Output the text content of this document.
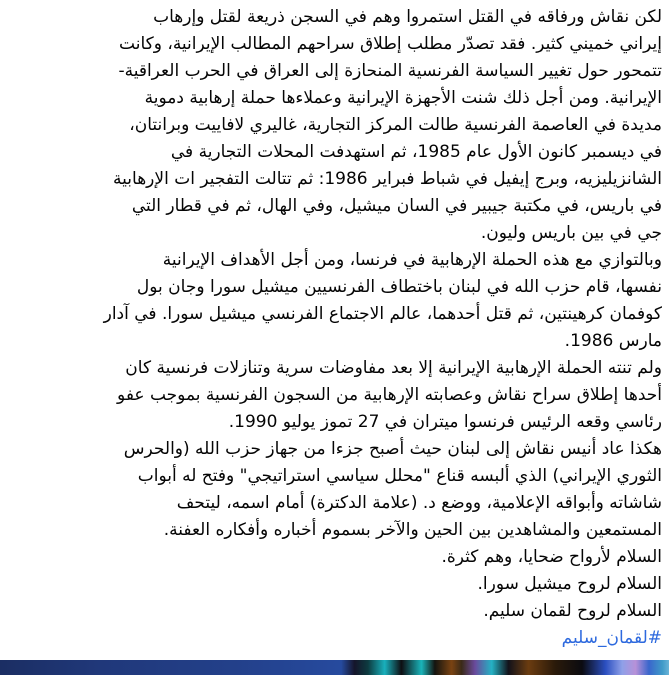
لكن نقاش ورفاقه في القتل استمروا وهم في السجن ذريعة لقتل وإرهاب
إيراني خميني كثير. فقد تصدّر مطلب إطلاق سراحهم المطالب الإيرانية، وكانت
تتمحور حول تغيير السياسة الفرنسية المنحازة إلى العراق في الحرب العراقية-
الإيرانية. ومن أجل ذلك شنت الأجهزة الإيرانية وعملاءها حملة إرهابية دموية
مديدة في العاصمة الفرنسية طالت المركز التجارية، غاليري لافاييت وبرانتان،
في ديسمبر كانون الأول عام 1985، ثم استهدفت المحلات التجارية في
الشانزيليزيه، وبرج إيفيل في شباط فبراير 1986: ثم تتالت التفجير ات الإرهابية
في باريس، في مكتبة جيبير في السان ميشيل، وفي الهال، ثم في قطار التي
جي في بين باريس وليون.
وبالتوازي مع هذه الحملة الإرهابية في فرنسا، ومن أجل الأهداف الإيرانية
نفسها، قام حزب الله في لبنان باختطاف الفرنسيين ميشيل سورا وجان بول
كوفمان كرهينتين، ثم قتل أحدهما، عالم الاجتماع الفرنسي ميشيل سورا. في آدار
مارس 1986.
ولم تنته الحملة الإرهابية الإيرانية إلا بعد مفاوضات سرية وتنازلات فرنسية كان
أحدها إطلاق سراح نقاش وعصابته الإرهابية من السجون الفرنسية بموجب عفو
رئاسي وقعه الرئيس فرنسوا ميتران في 27 تموز يوليو 1990.
هكذا عاد أنيس نقاش إلى لبنان حيث أصبح جزءا من جهاز حزب الله (والحرس
الثوري الإيراني) الذي ألبسه قناع "محلل سياسي استراتيجي" وفتح له أبواب
شاشاته وأبواقه الإعلامية، ووضع د. (علامة الدكترة) أمام اسمه، ليتحف
المستمعين والمشاهدين بين الحين والآخر بسموم أخباره وأفكاره العفنة.
السلام لأرواح ضحايا، وهم كثرة.
السلام لروح ميشيل سورا.
السلام لروح لقمان سليم.
#لقمان_سليم
